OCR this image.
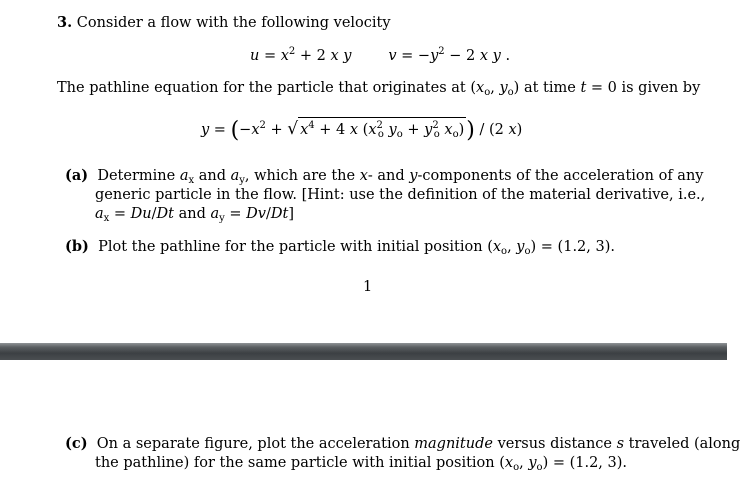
3. Consider a flow with the following velocity
$u = x^2 + 2$ x y	$v = -y^2 - 2$ x y .
The pathline equation for the particle that originates at ($x_o$, $y_o$) at time t = 0 is given by
$y = (-x^2$ + √ $x^4 + 4$ x ($x^2_o$ $y_o + y^2_o$ $x_o)) / (2$ x)
(a)  Determine $a_x$ and $a_y$, which are the x- and y-components of the acceleration of any
generic particle in the flow. [Hint: use the definition of the material derivative, i.e.,
$a_x = Du/Dt$ and $a_y = Dv/Dt$]
(b)  Plot the pathline for the particle with initial position ($x_o$, $y_o) = (1.2$, 3).
1
(c)  On a separate figure, plot the acceleration magnitude versus distance s traveled (along
the pathline) for the same particle with initial position ($x_o$, $y_o) = (1.2$, 3).
